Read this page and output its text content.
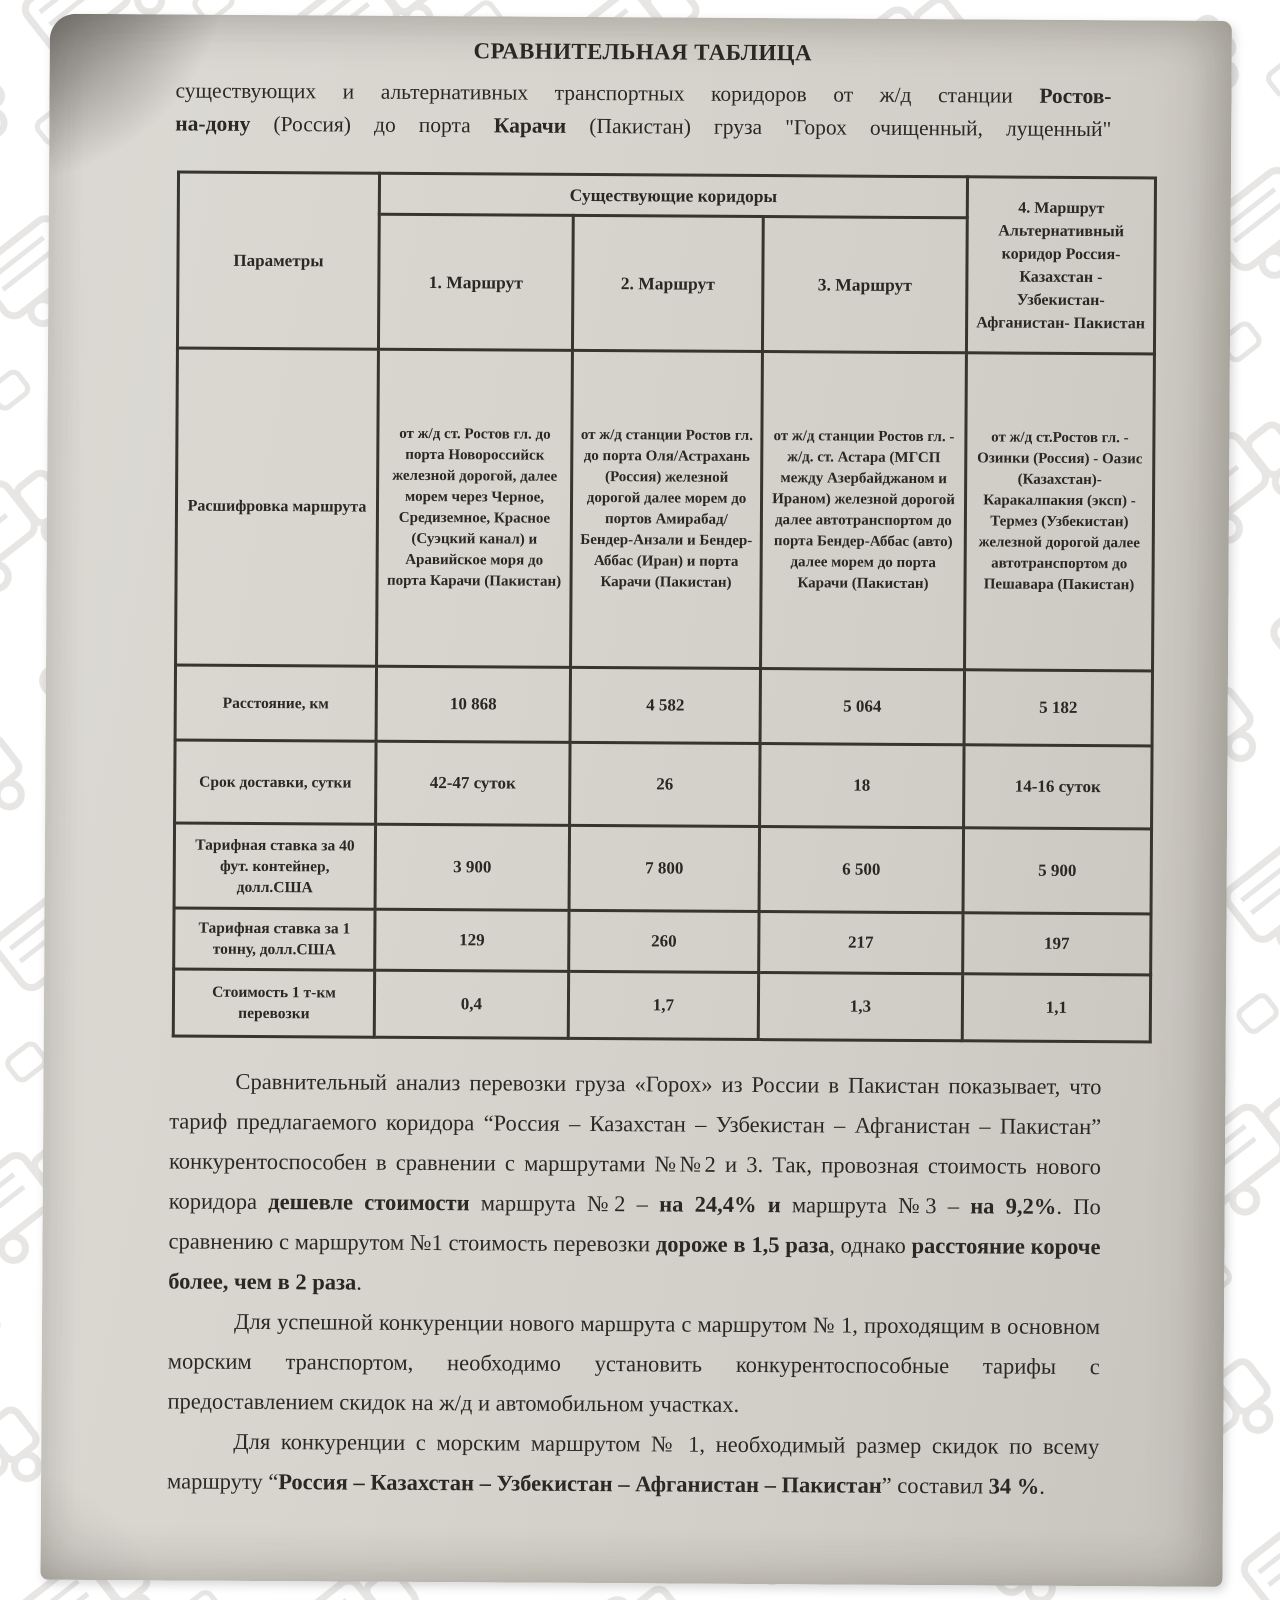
СРАВНИТЕЛЬНАЯ ТАБЛИЦА

существующих и альтернативных транспортных коридоров от ж/д станции Ростов-
на-дону (Россия) до порта Карачи (Пакистан) груза "Горох очищенный, лущенный"

Параметры	Существующие коридоры			4. Маршрут Альтернативный коридор Россия-Казахстан - Узбекистан- Афганистан- Пакистан
	1. Маршрут	2. Маршрут	3. Маршрут	
Расшифровка маршрута	от ж/д ст. Ростов гл. до порта Новороссийск железной дорогой, далее морем через Черное, Средиземное, Красное (Суэцкий канал) и Аравийское моря до порта Карачи (Пакистан)	от ж/д станции Ростов гл. до порта Оля/Астрахань (Россия) железной дорогой далее морем до портов Амирабад/Бендер-Анзали и Бендер-Аббас (Иран) и порта Карачи (Пакистан)	от ж/д станции Ростов гл. - ж/д. ст. Астара (МГСП между Азербайджаном и Ираном) железной дорогой далее автотранспортом до порта Бендер-Аббас (авто) далее морем до порта Карачи (Пакистан)	от ж/д ст.Ростов гл. - Озинки (Россия) - Оазис (Казахстан)- Каракалпакия (эксп) - Термез (Узбекистан) железной дорогой далее автотранспортом до Пешавара (Пакистан)
Расстояние, км	10 868	4 582	5 064	5 182
Срок доставки, сутки	42-47 суток	26	18	14-16 суток
Тарифная ставка за 40 фут. контейнер, долл.США	3 900	7 800	6 500	5 900
Тарифная ставка за 1 тонну, долл.США	129	260	217	197
Стоимость 1 т-км перевозки	0,4	1,7	1,3	1,1

Сравнительный анализ перевозки груза «Горох» из России в Пакистан показывает, что тариф предлагаемого коридора “Россия – Казахстан – Узбекистан – Афганистан – Пакистан” конкурентоспособен в сравнении с маршрутами №№2 и 3. Так, провозная стоимость нового коридора дешевле стоимости маршрута №2 – на 24,4% и маршрута №3 – на 9,2%. По сравнению с маршрутом №1 стоимость перевозки дороже в 1,5 раза, однако расстояние короче более, чем в 2 раза.

Для успешной конкуренции нового маршрута с маршрутом № 1, проходящим в основном морским транспортом, необходимо установить конкурентоспособные тарифы с предоставлением скидок на ж/д и автомобильном участках.

Для конкуренции с морским маршрутом № 1, необходимый размер скидок по всему маршруту “Россия – Казахстан – Узбекистан – Афганистан – Пакистан” составил 34 %.
